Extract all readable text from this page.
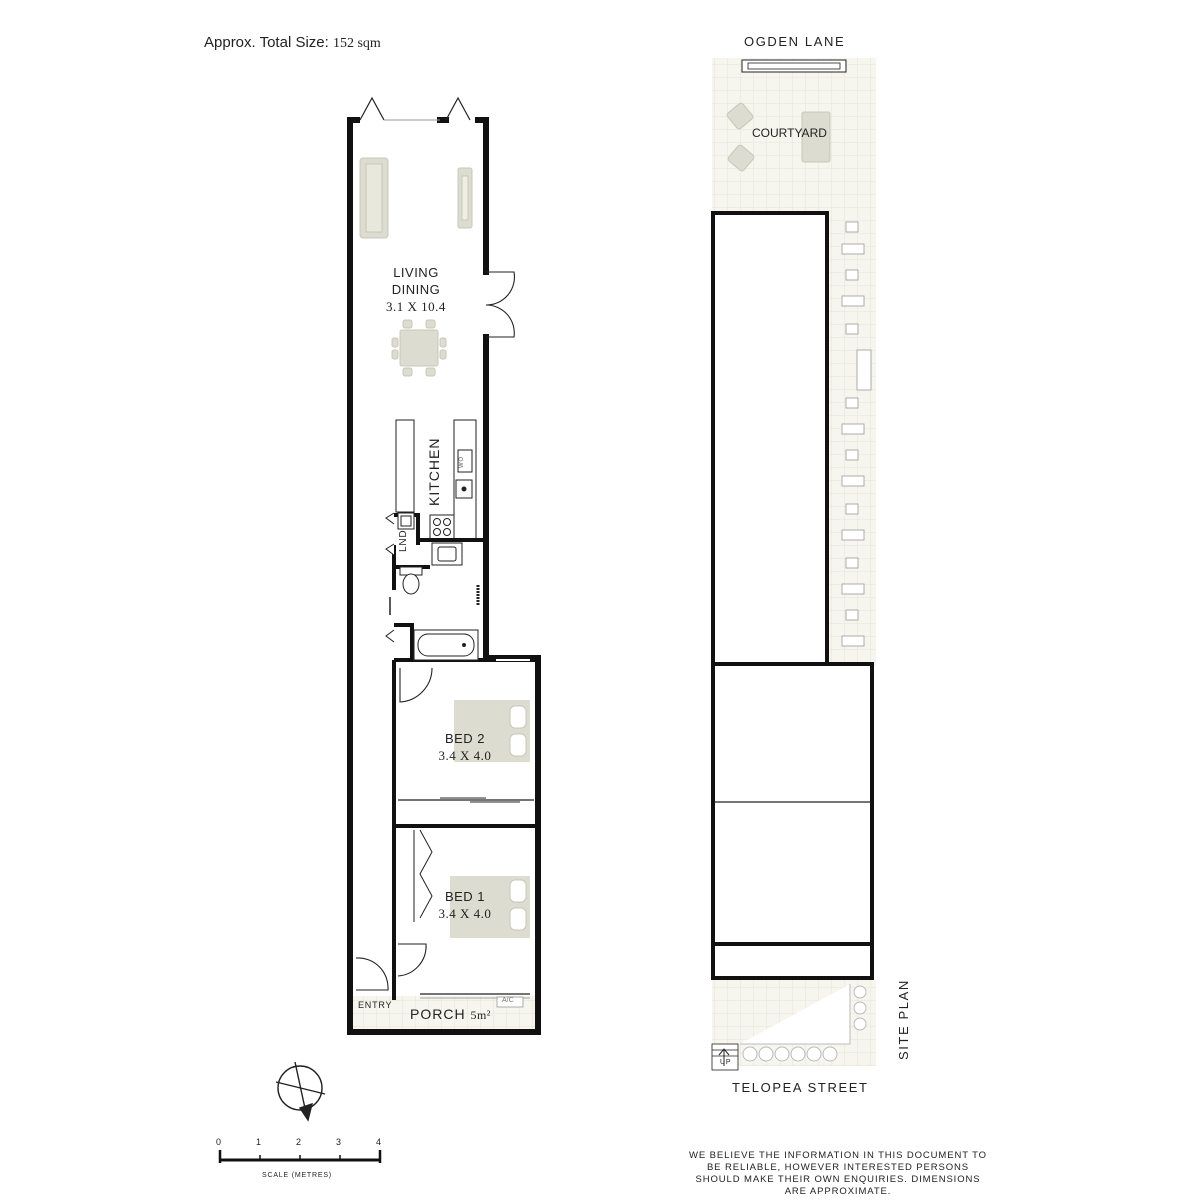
Approx. Total Size: 152 sqm
LIVING
DINING
3.1 X 10.4
KITCHEN	WO
LND
BED 2
3.4 X 4.0
BED 1
3.4 X 4.0
ENTRY
PORCH 5m²
A/C
OGDEN LANE
COURTYARD
SITE PLAN
TELOPEA STREET
UP
0	1	2	3	4
SCALE (METRES)
WE BELIEVE THE INFORMATION IN THIS DOCUMENT TO BE RELIABLE, HOWEVER INTERESTED PERSONS SHOULD MAKE THEIR OWN ENQUIRIES. DIMENSIONS ARE APPROXIMATE.
